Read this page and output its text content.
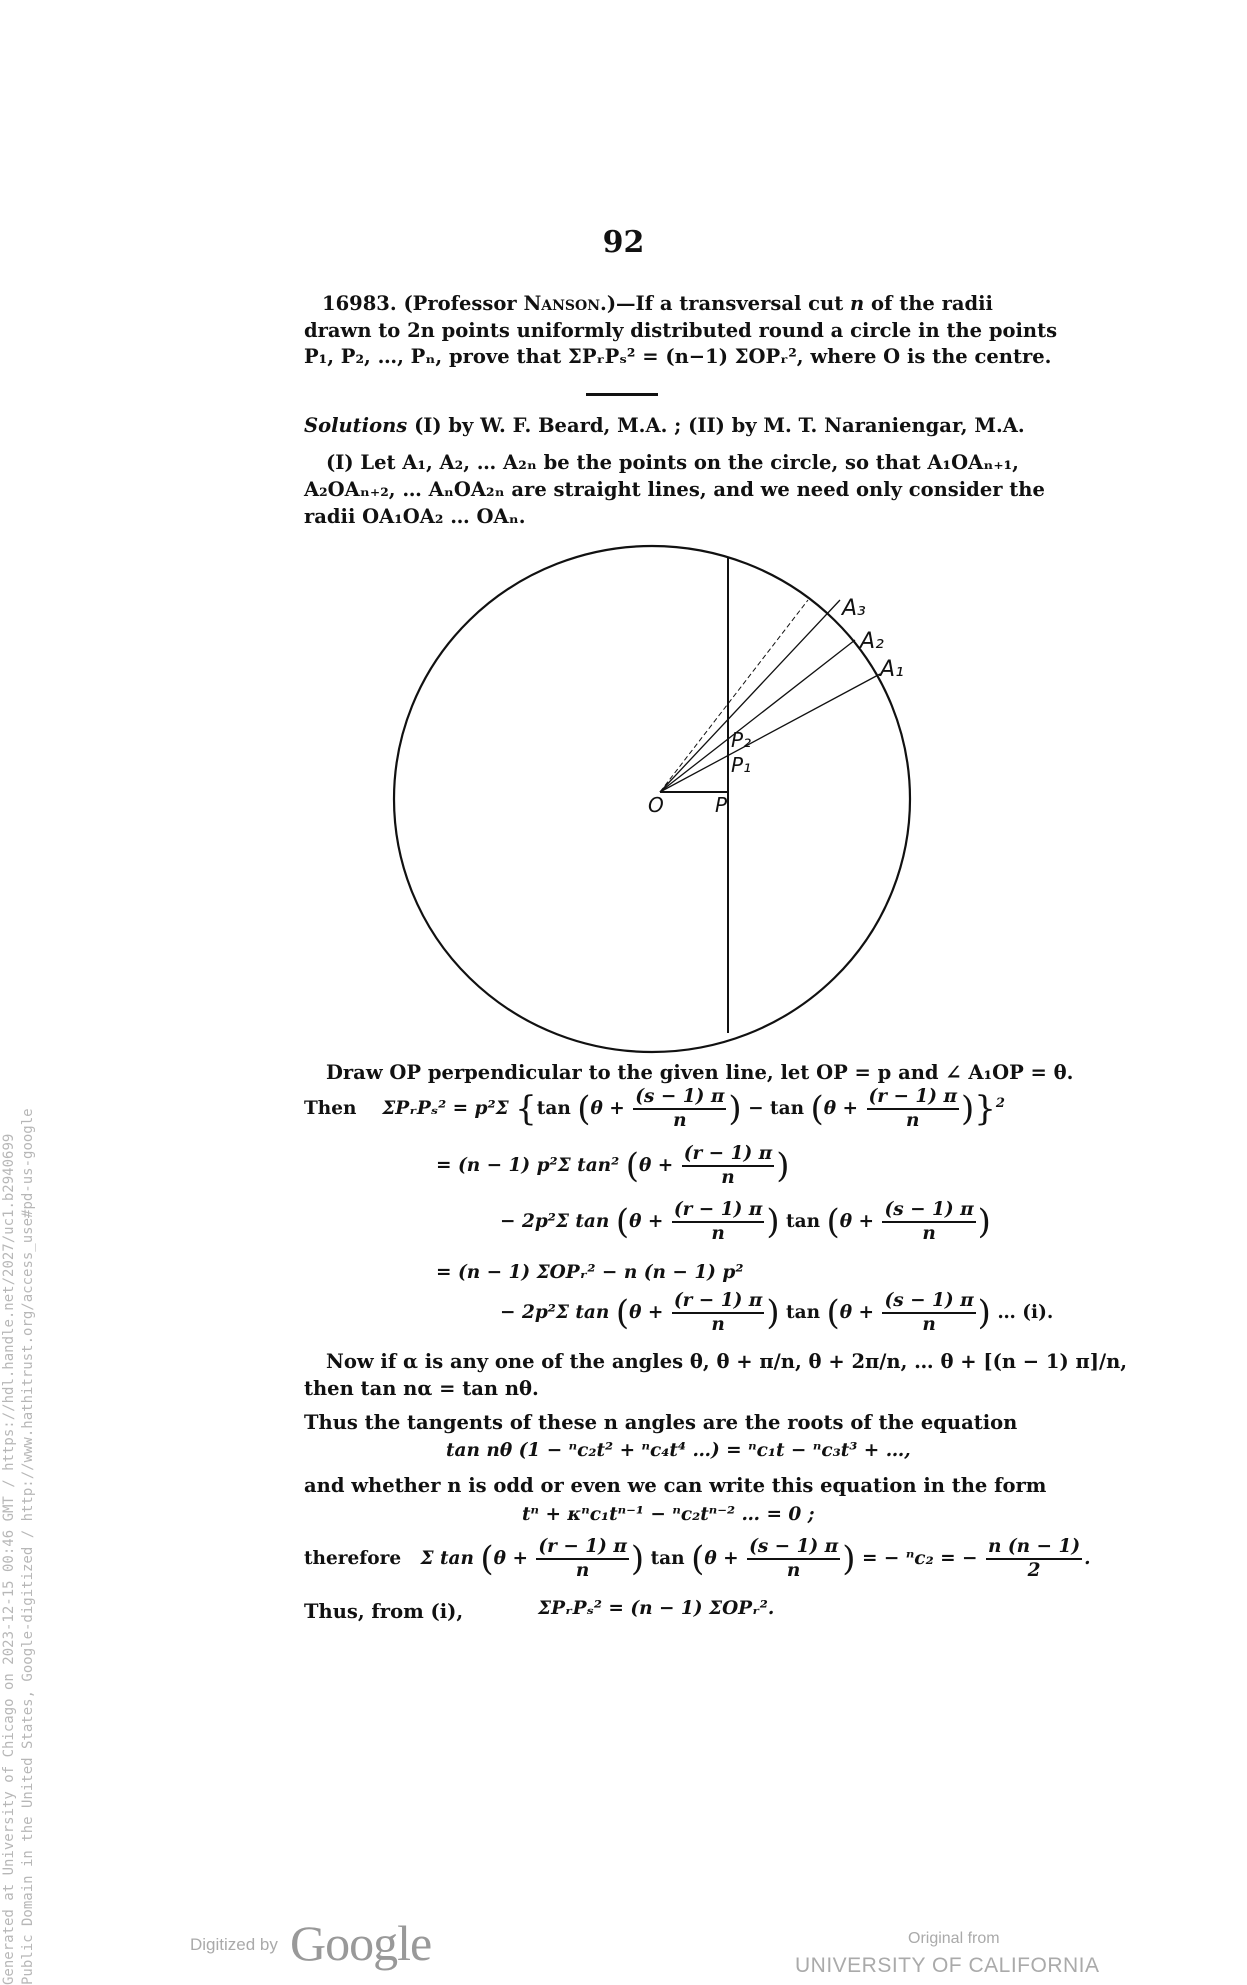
92
16983. (Professor Nanson.)—If a transversal cut n of the radii
drawn to 2n points uniformly distributed round a circle in the points
P₁, P₂, …, Pₙ, prove that ΣPᵣPₛ² = (n−1) ΣOPᵣ², where O is the centre.
Solutions (I) by W. F. Beard, M.A. ; (II) by M. T. Naraniengar, M.A.
(I) Let A₁, A₂, … A₂ₙ be the points on the circle, so that A₁OAₙ₊₁,
A₂OAₙ₊₂, … AₙOA₂ₙ are straight lines, and we need only consider the
radii OA₁OA₂ … OAₙ.
A₃
A₂
A₁
P₂
P₁
O	P
Draw OP perpendicular to the given line, let OP = p and ∠ A₁OP = θ.
Then ΣPᵣPₛ² = p²Σ {tan ($\theta + \frac{(s - 1) \pi}{n}$ ) − $\tan (\theta + \frac{(r - 1) \pi}{n} )\}^2$
= (n − 1) p²Σ tan² ($\theta + \frac{(r - 1) \pi}{n}$ )
− 2p²Σ $\tan (\theta + \frac{(r - 1) \pi}{n}$ ) $\tan (\theta + \frac{(s - 1) \pi}{n}$ )
= (n − 1) ΣOPᵣ² − n (n − 1) p²
− 2p²Σ $\tan (\theta + \frac{(r - 1) \pi}{n}$ ) $\tan (\theta + \frac{(s - 1) \pi}{n}$ ) … (i).
Now if α is any one of the angles θ, θ + π/n, θ + 2π/n, … θ + [(n − 1) π]/n,
then tan nα = tan nθ.
Thus the tangents of these n angles are the roots of the equation
tan nθ (1 − ⁿc₂t² + ⁿc₄t⁴ …) = ⁿc₁t − ⁿc₃t³ + …,
and whether n is odd or even we can write this equation in the form
tⁿ + κⁿc₁tⁿ⁻¹ − ⁿc₂tⁿ⁻² … = 0 ;
therefore Σ $\tan (\theta + \frac{(r - 1) \pi}{n}$ ) $\tan (\theta + \frac{(s - 1) \pi}{n}$ ) = − ⁿc₂ = − $\frac{n (n - 1)}{2}$ .
Thus, from (i),	ΣPᵣPₛ² = (n − 1) ΣOPᵣ².
Generated at University of Chicago on 2023-12-15 00:46 GMT / https://hdl.handle.net/2027/uc1.b2940699 Public Domain in the United States, Google-digitized / http://www.hathitrust.org/access_use#pd-us-google	Digitized by Google	Original from
UNIVERSITY OF CALIFORNIA
